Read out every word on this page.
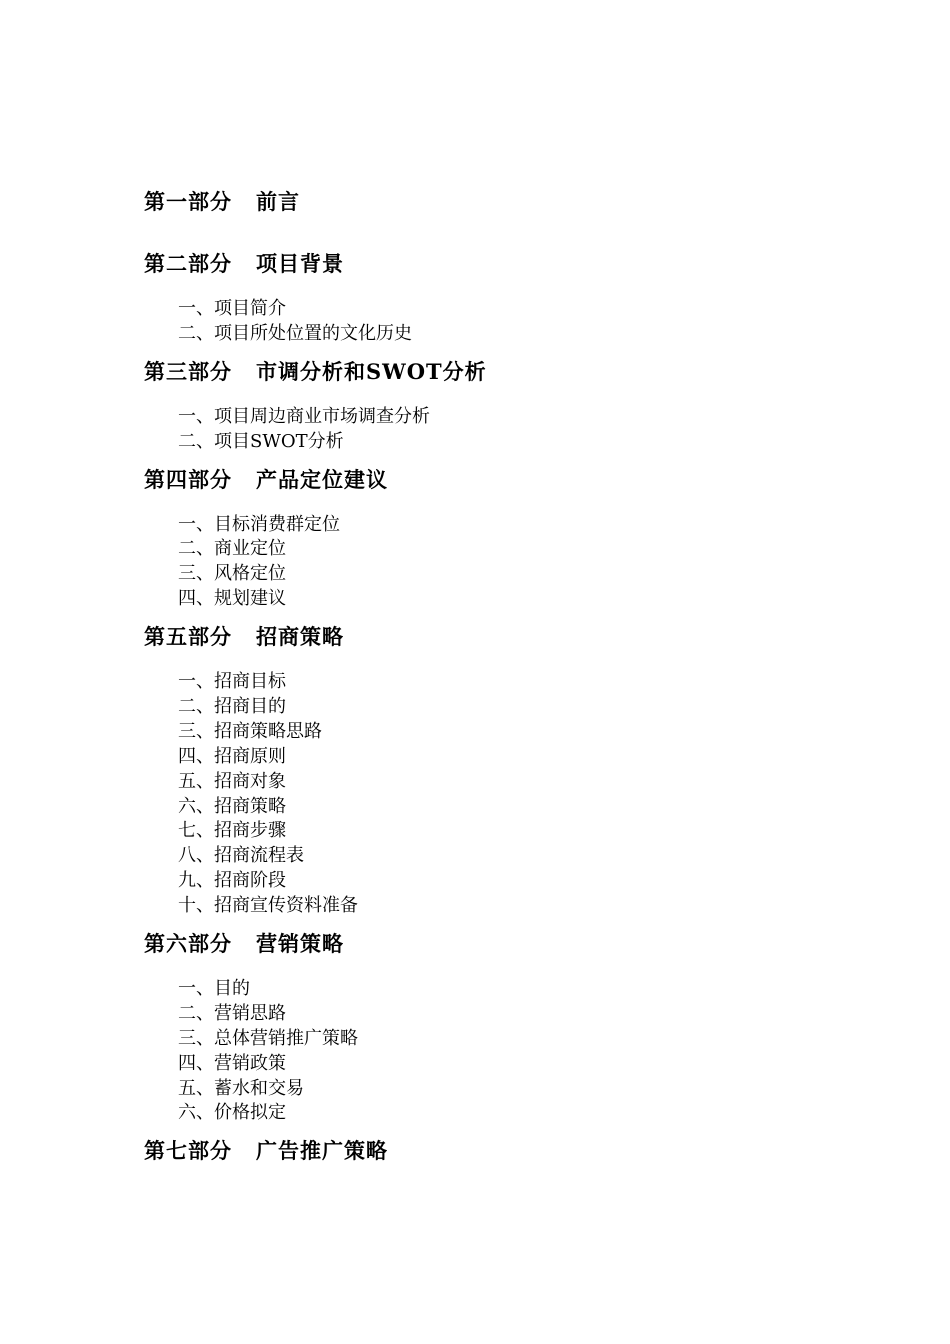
第一部分	前言
第二部分	项目背景
一、项目简介
二、项目所处位置的文化历史
第三部分	市调分析和SWOT分析
一、项目周边商业市场调查分析
二、项目SWOT分析
第四部分	产品定位建议
一、目标消费群定位
二、商业定位
三、风格定位
四、规划建议
第五部分	招商策略
一、招商目标
二、招商目的
三、招商策略思路
四、招商原则
五、招商对象
六、招商策略
七、招商步骤
八、招商流程表
九、招商阶段
十、招商宣传资料准备
第六部分	营销策略
一、目的
二、营销思路
三、总体营销推广策略
四、营销政策
五、蓄水和交易
六、价格拟定
第七部分	广告推广策略
